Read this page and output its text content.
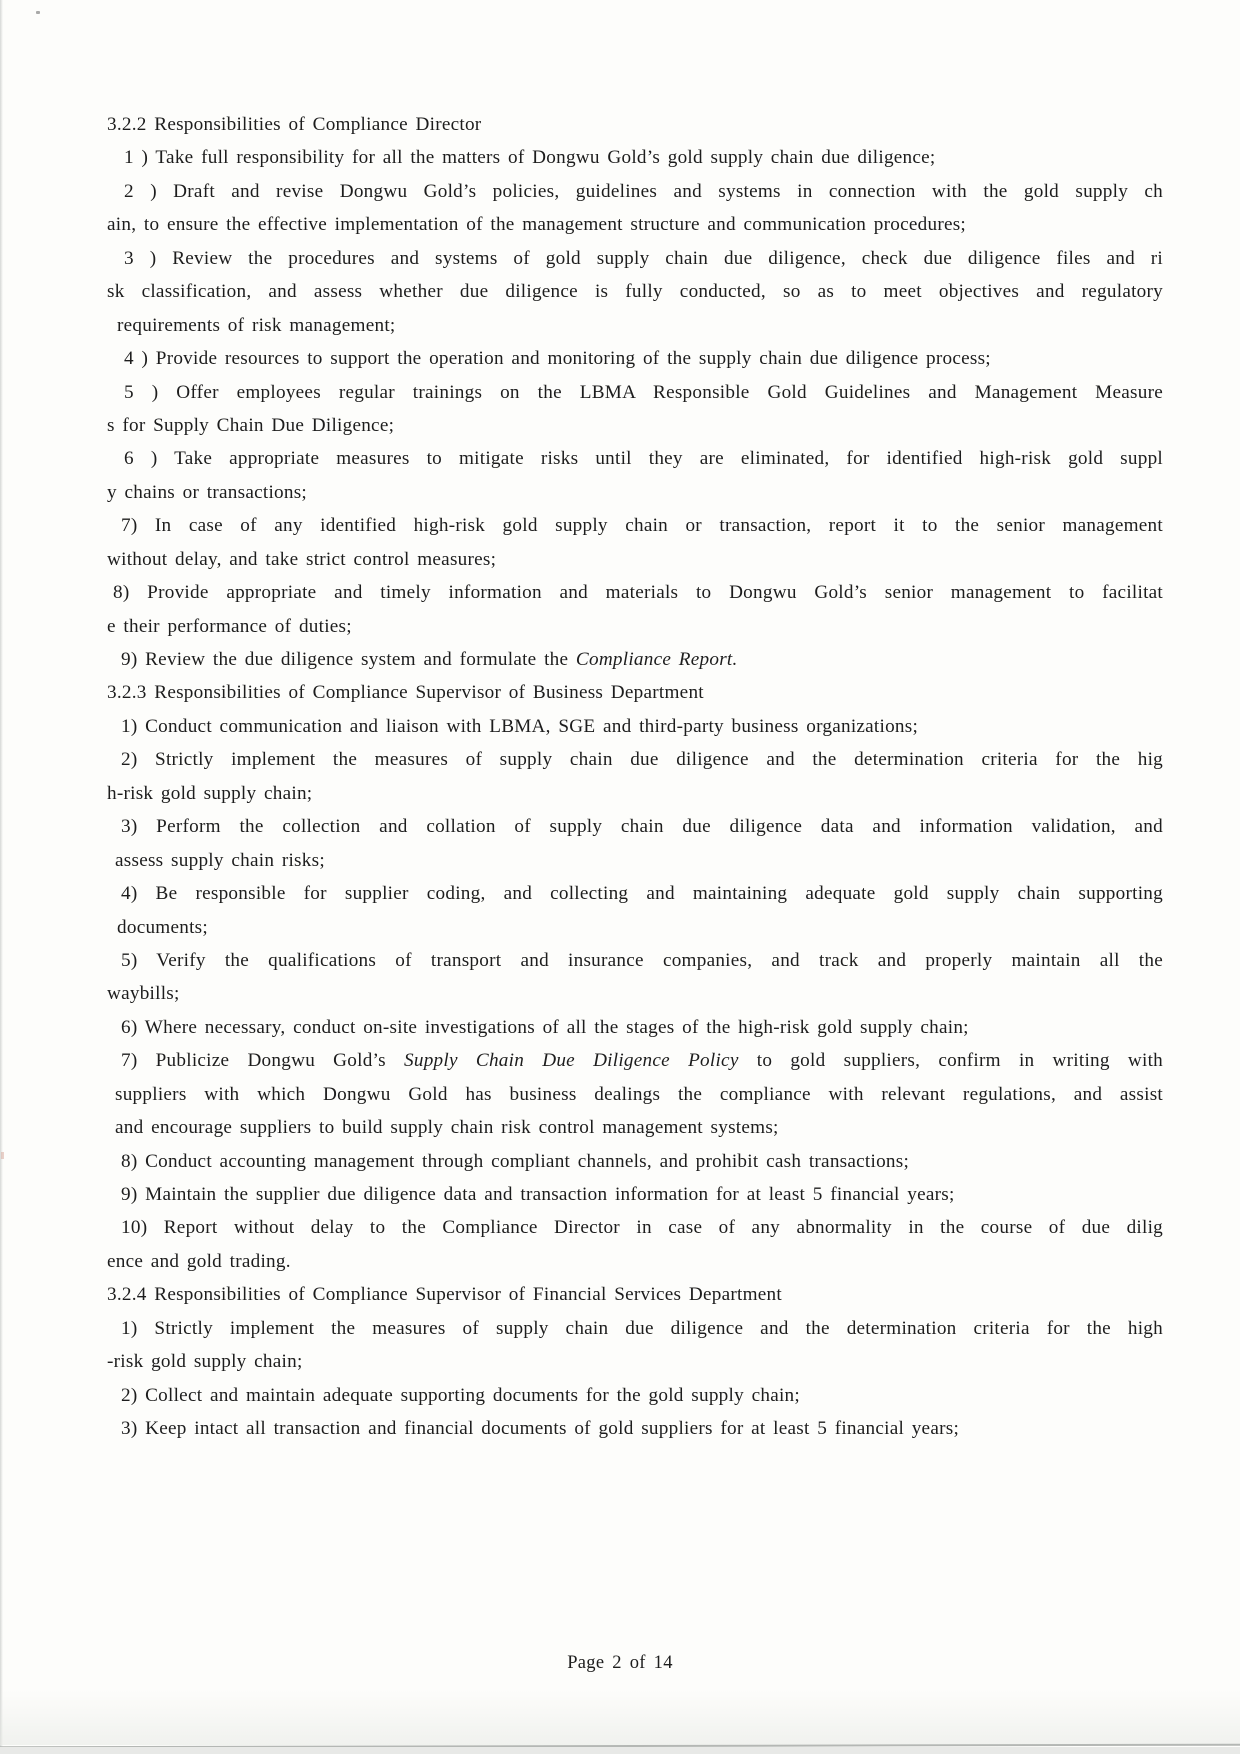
3.2.2 Responsibilities of Compliance Director
1 ) Take full responsibility for all the matters of Dongwu Gold’s gold supply chain due diligence;
2 ) Draft and revise Dongwu Gold’s policies, guidelines and systems in connection with the gold supply ch
ain, to ensure the effective implementation of the management structure and communication procedures;
3 ) Review the procedures and systems of gold supply chain due diligence, check due diligence files and ri
sk classification, and assess whether due diligence is fully conducted, so as to meet objectives and regulatory
requirements of risk management;
4 ) Provide resources to support the operation and monitoring of the supply chain due diligence process;
5 ) Offer employees regular trainings on the LBMA Responsible Gold Guidelines and Management Measure
s for Supply Chain Due Diligence;
6 ) Take appropriate measures to mitigate risks until they are eliminated, for identified high-risk gold suppl
y chains or transactions;
7) In case of any identified high-risk gold supply chain or transaction, report it to the senior management
without delay, and take strict control measures;
8) Provide appropriate and timely information and materials to Dongwu Gold’s senior management to facilitat
e their performance of duties;
9) Review the due diligence system and formulate the Compliance Report.
3.2.3 Responsibilities of Compliance Supervisor of Business Department
1) Conduct communication and liaison with LBMA, SGE and third-party business organizations;
2) Strictly implement the measures of supply chain due diligence and the determination criteria for the hig
h-risk gold supply chain;
3) Perform the collection and collation of supply chain due diligence data and information validation, and
assess supply chain risks;
4) Be responsible for supplier coding, and collecting and maintaining adequate gold supply chain supporting
documents;
5) Verify the qualifications of transport and insurance companies, and track and properly maintain all the
waybills;
6) Where necessary, conduct on-site investigations of all the stages of the high-risk gold supply chain;
7) Publicize Dongwu Gold’s Supply Chain Due Diligence Policy to gold suppliers, confirm in writing with
suppliers with which Dongwu Gold has business dealings the compliance with relevant regulations, and assist
and encourage suppliers to build supply chain risk control management systems;
8) Conduct accounting management through compliant channels, and prohibit cash transactions;
9) Maintain the supplier due diligence data and transaction information for at least 5 financial years;
10) Report without delay to the Compliance Director in case of any abnormality in the course of due dilig
ence and gold trading.
3.2.4 Responsibilities of Compliance Supervisor of Financial Services Department
1) Strictly implement the measures of supply chain due diligence and the determination criteria for the high
-risk gold supply chain;
2) Collect and maintain adequate supporting documents for the gold supply chain;
3) Keep intact all transaction and financial documents of gold suppliers for at least 5 financial years;
Page 2 of 14
